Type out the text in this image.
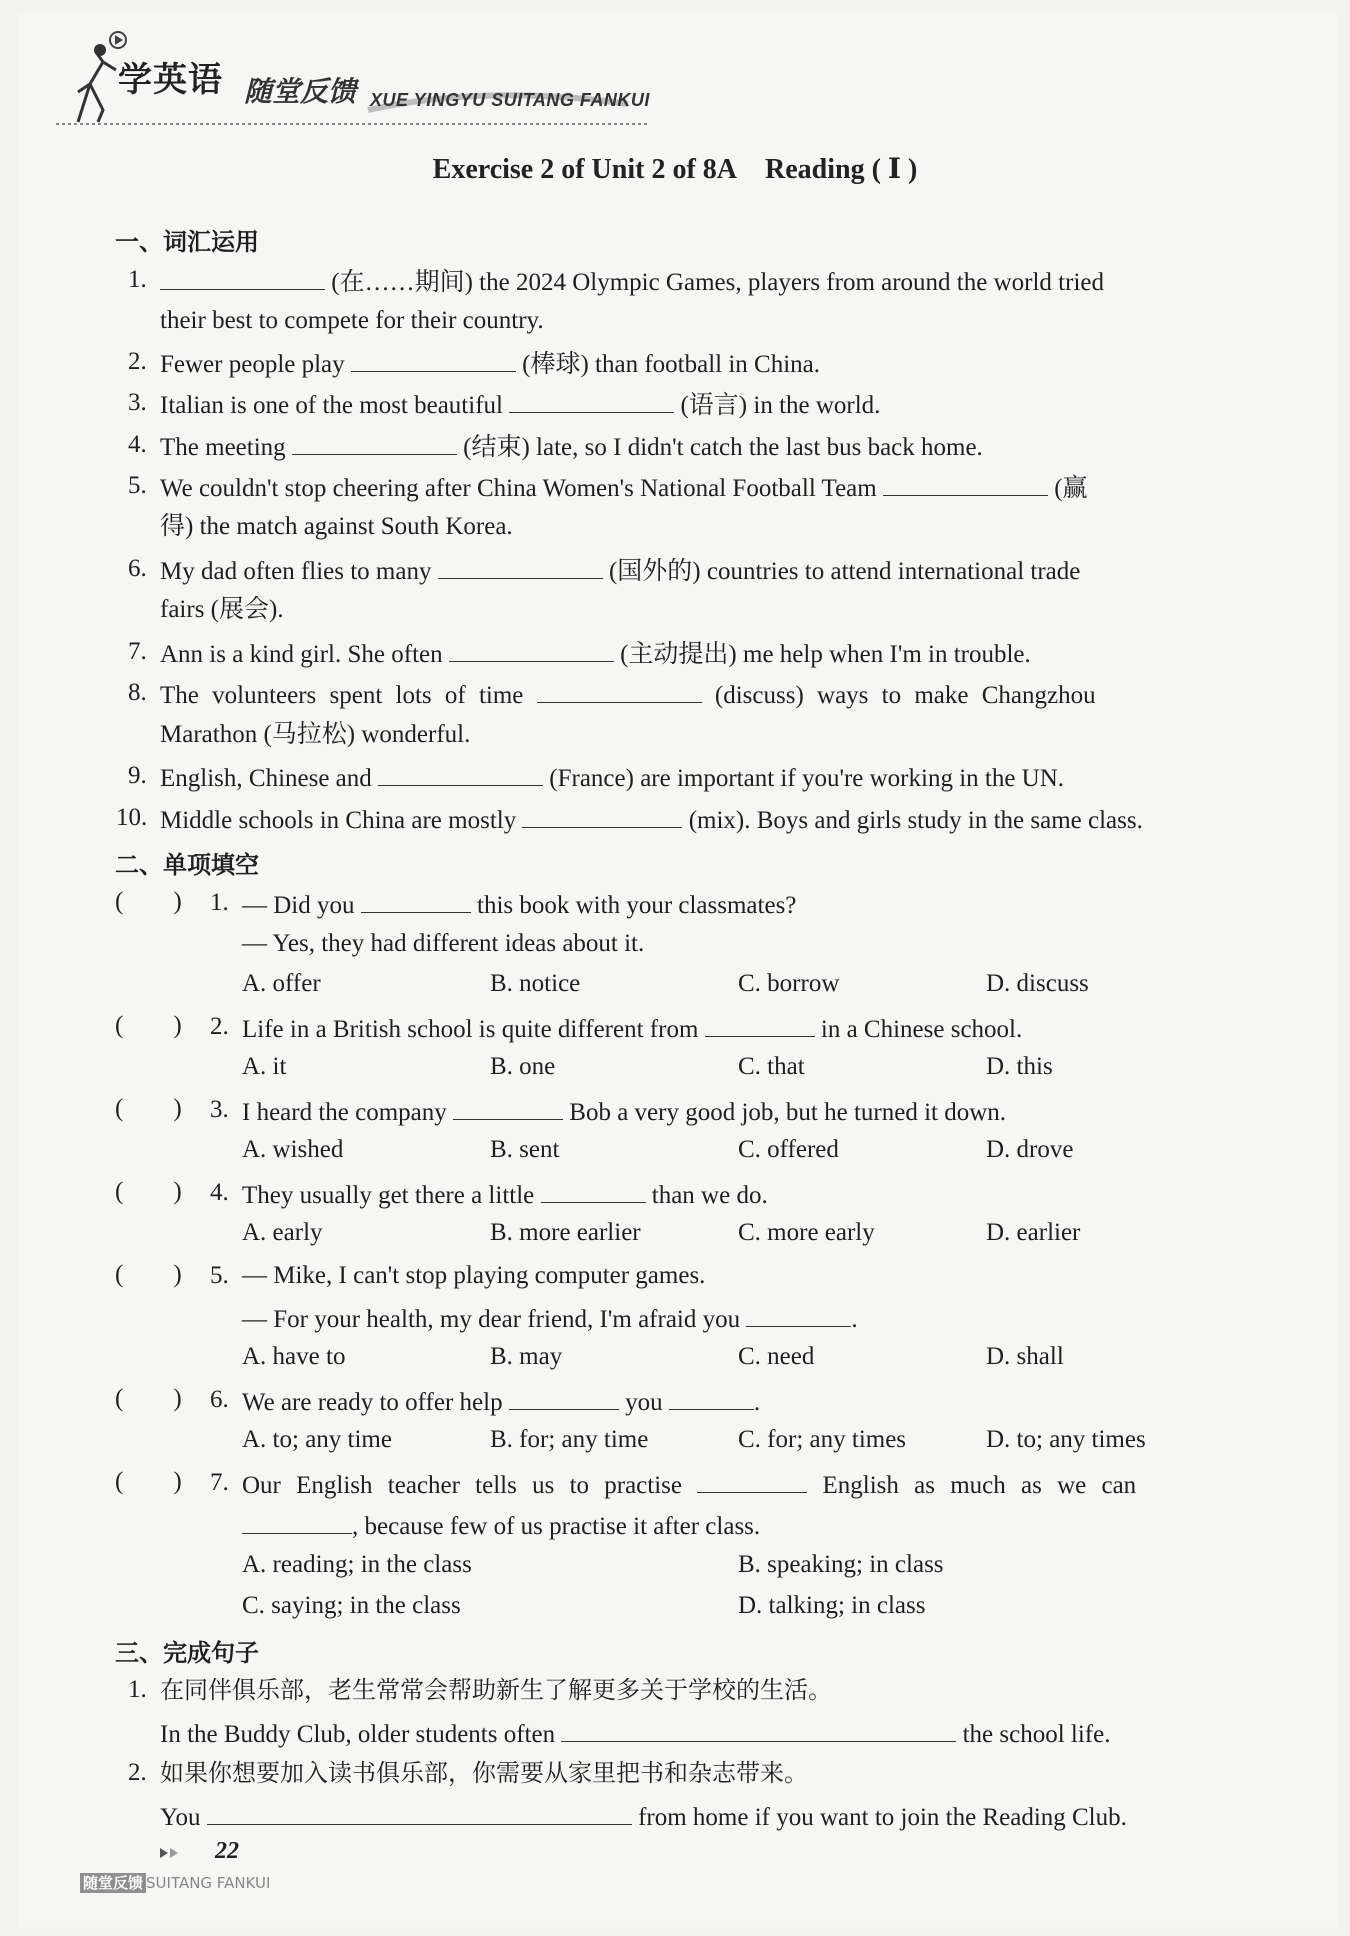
学英语 随堂反馈 XUE YINGYU SUITANG FANKUI
Exercise 2 of Unit 2 of 8A Reading ( Ⅰ )
一、词汇运用
1.	(在……期间) the 2024 Olympic Games, players from around the world tried
their best to compete for their country.
2. Fewer people play	(棒球) than football in China.
3. Italian is one of the most beautiful	(语言) in the world.
4. The meeting	(结束) late, so I didn't catch the last bus back home.
5. We couldn't stop cheering after China Women's National Football Team	(赢
得) the match against South Korea.
6. My dad often flies to many	(国外的) countries to attend international trade
fairs (展会).
7. Ann is a kind girl. She often	(主动提出) me help when I'm in trouble.
8. The volunteers spent lots of time	(discuss) ways to make Changzhou
Marathon (马拉松) wonderful.
9. English, Chinese and	(France) are important if you're working in the UN.
10. Middle schools in China are mostly	(mix). Boys and girls study in the same class.
二、单项填空
(  ) 1. — Did you	this book with your classmates?
— Yes, they had different ideas about it.
A. offer	B. notice	C. borrow	D. discuss
(  ) 2. Life in a British school is quite different from	in a Chinese school.
A. it	B. one	C. that	D. this
(  ) 3. I heard the company	Bob a very good job, but he turned it down.
A. wished	B. sent	C. offered	D. drove
(  ) 4. They usually get there a little	than we do.
A. early	B. more earlier	C. more early	D. earlier
(  ) 5. — Mike, I can't stop playing computer games.
— For your health, my dear friend, I'm afraid you	.
A. have to	B. may	C. need	D. shall
(  ) 6. We are ready to offer help	you	.
A. to; any time	B. for; any time	C. for; any times	D. to; any times
(  ) 7. Our English teacher tells us to practise	English as much as we can
, because few of us practise it after class.
A. reading; in the class	B. speaking; in class
C. saying; in the class	D. talking; in class
三、完成句子
1. 在同伴俱乐部，老生常常会帮助新生了解更多关于学校的生活。
In the Buddy Club, older students often	the school life.
2. 如果你想要加入读书俱乐部，你需要从家里把书和杂志带来。
You	from home if you want to join the Reading Club.
22
随堂反馈 SUITANG FANKUI
